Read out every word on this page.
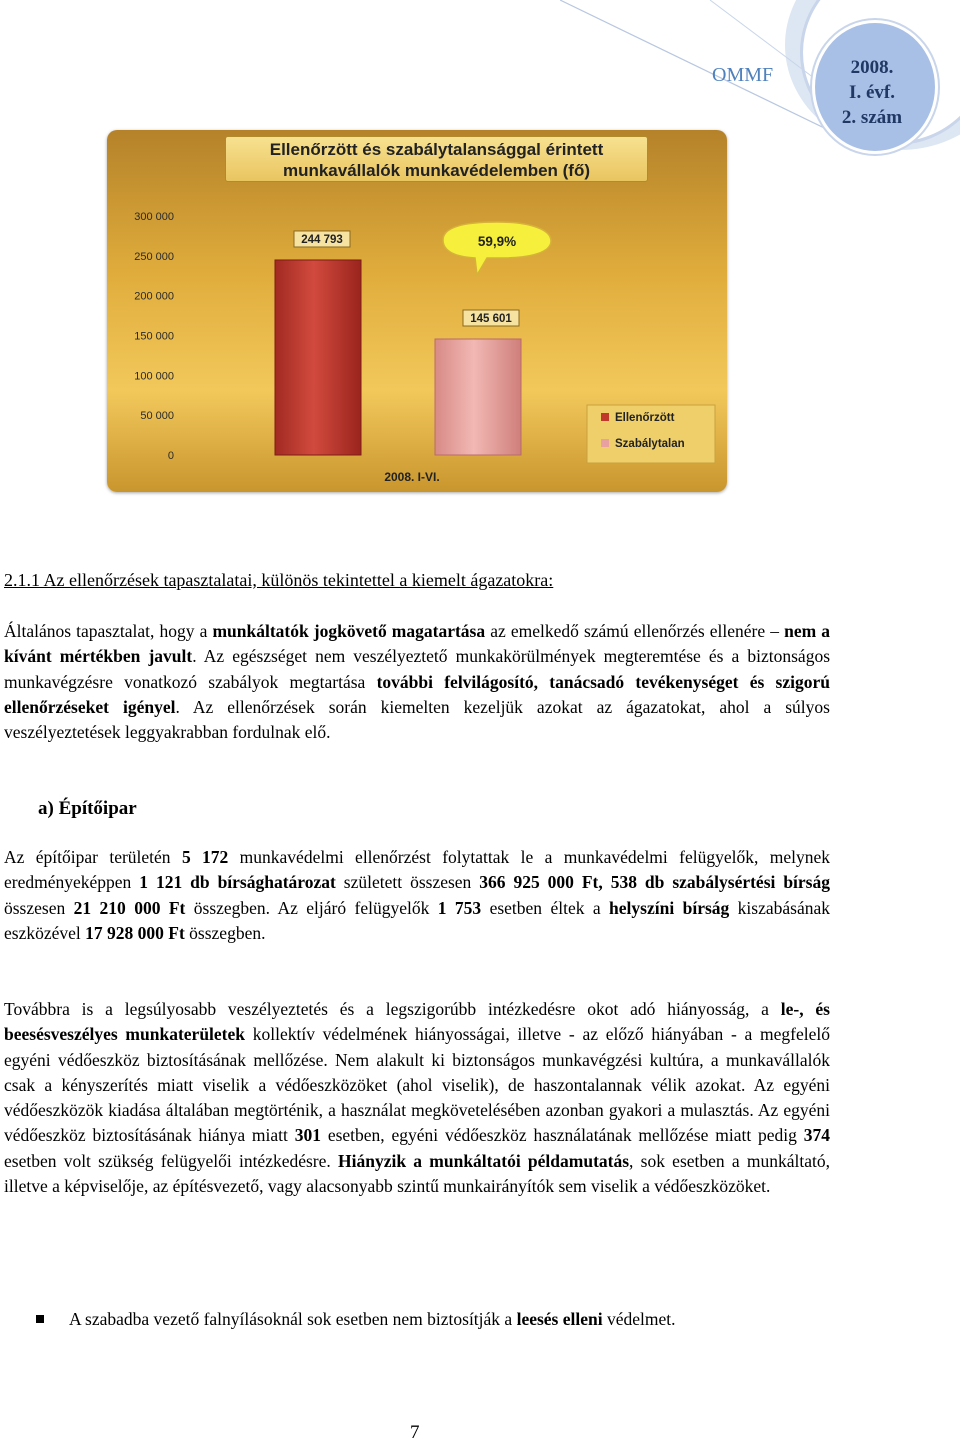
OMMF	2008.
I. évf.
2. szám
Ellenőrzött és szabálytalansággal érintett
munkavállalók munkavédelemben (fő)
0
50 000
100 000
150 000
200 000
250 000
300 000
244 793
145 601
59,9%
2008. I-VI.
Ellenőrzött
Szabálytalan
2.1.1 Az ellenőrzések tapasztalatai, különös tekintettel a kiemelt ágazatokra:
Általános tapasztalat, hogy a munkáltatók jogkövető magatartása az emelkedő számú ellenőrzés ellenére – nem a kívánt mértékben javult. Az egészséget nem veszélyeztető munkakörülmények megteremtése és a biztonságos munkavégzésre vonatkozó szabályok megtartása további felvilágosító, tanácsadó tevékenységet és szigorú ellenőrzéseket igényel. Az ellenőrzések során kiemelten kezeljük azokat az ágazatokat, ahol a súlyos veszélyeztetések leggyakrabban fordulnak elő.
a) Építőipar
Az építőipar területén 5 172 munkavédelmi ellenőrzést folytattak le a munkavédelmi felügyelők, melynek eredményeképpen 1 121 db bírsághatározat született összesen 366 925 000 Ft, 538 db szabálysértési bírság összesen 21 210 000 Ft összegben. Az eljáró felügyelők 1 753 esetben éltek a helyszíni bírság kiszabásának eszközével 17 928 000 Ft összegben.
Továbbra is a legsúlyosabb veszélyeztetés és a legszigorúbb intézkedésre okot adó hiányosság, a le-, és beesésveszélyes munkaterületek kollektív védelmének hiányosságai, illetve - az előző hiányában - a megfelelő egyéni védőeszköz biztosításának mellőzése. Nem alakult ki biztonságos munkavégzési kultúra, a munkavállalók csak a kényszerítés miatt viselik a védőeszközöket (ahol viselik), de haszontalannak vélik azokat. Az egyéni védőeszközök kiadása általában megtörténik, a használat megkövetelésében azonban gyakori a mulasztás. Az egyéni védőeszköz biztosításának hiánya miatt 301 esetben, egyéni védőeszköz használatának mellőzése miatt pedig 374 esetben volt szükség felügyelői intézkedésre. Hiányzik a munkáltatói példamutatás, sok esetben a munkáltató, illetve a képviselője, az építésvezető, vagy alacsonyabb szintű munkairányítók sem viselik a védőeszközöket.
A szabadba vezető falnyílásoknál sok esetben nem biztosítják a leesés elleni védelmet.
7
